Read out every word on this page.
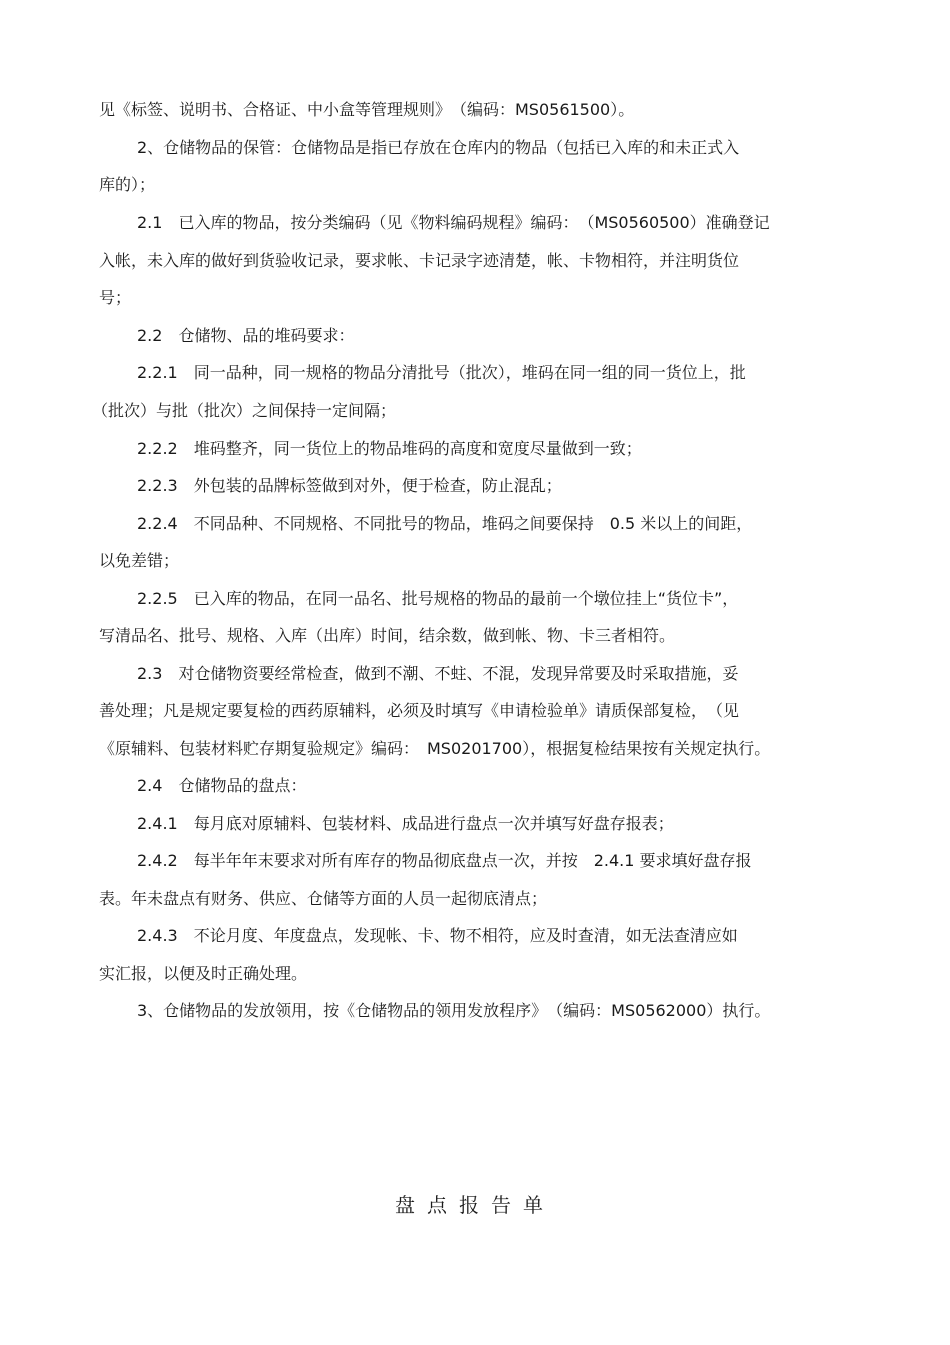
见《标签、说明书、合格证、中小盒等管理规则》　（编码：MS0561500）。
2、仓储物品的保管：仓储物品是指已存放在仓库内的物品（包括已入库的和未正式入
库的）；
2.1　已入库的物品，按分类编码（见《物料编码规程》编码：　（MS0560500）准确登记
入帐，未入库的做好到货验收记录，要求帐、卡记录字迹清楚，帐、卡物相符，并注明货位
号；
2.2　仓储物、品的堆码要求：
2.2.1　同一品种，同一规格的物品分清批号（批次），堆码在同一组的同一货位上，批
（批次）与批（批次）之间保持一定间隔；
2.2.2　堆码整齐，同一货位上的物品堆码的高度和宽度尽量做到一致；
2.2.3　外包装的品牌标签做到对外，便于检查，防止混乱；
2.2.4　不同品种、不同规格、不同批号的物品，堆码之间要保持　0.5 米以上的间距，
以免差错；
2.2.5　已入库的物品，在同一品名、批号规格的物品的最前一个墩位挂上“货位卡”，
写清品名、批号、规格、入库（出库）时间，结余数，做到帐、物、卡三者相符。
2.3　对仓储物资要经常检查，做到不潮、不蛀、不混，发现异常要及时采取措施，妥
善处理；凡是规定要复检的西药原辅料，必须及时填写《申请检验单》请质保部复检，　（见
《原辅料、包装材料贮存期复验规定》编码：　MS0201700），根据复检结果按有关规定执行。
2.4　仓储物品的盘点：
2.4.1　每月底对原辅料、包装材料、成品进行盘点一次并填写好盘存报表；
2.4.2　每半年年末要求对所有库存的物品彻底盘点一次，并按　2.4.1 要求填好盘存报
表。年未盘点有财务、供应、仓储等方面的人员一起彻底清点；
2.4.3　不论月度、年度盘点，发现帐、卡、物不相符，应及时查清，如无法查清应如
实汇报，以便及时正确处理。
3、仓储物品的发放领用，按《仓储物品的领用发放程序》　（编码：MS0562000）执行。
盘点报告单
